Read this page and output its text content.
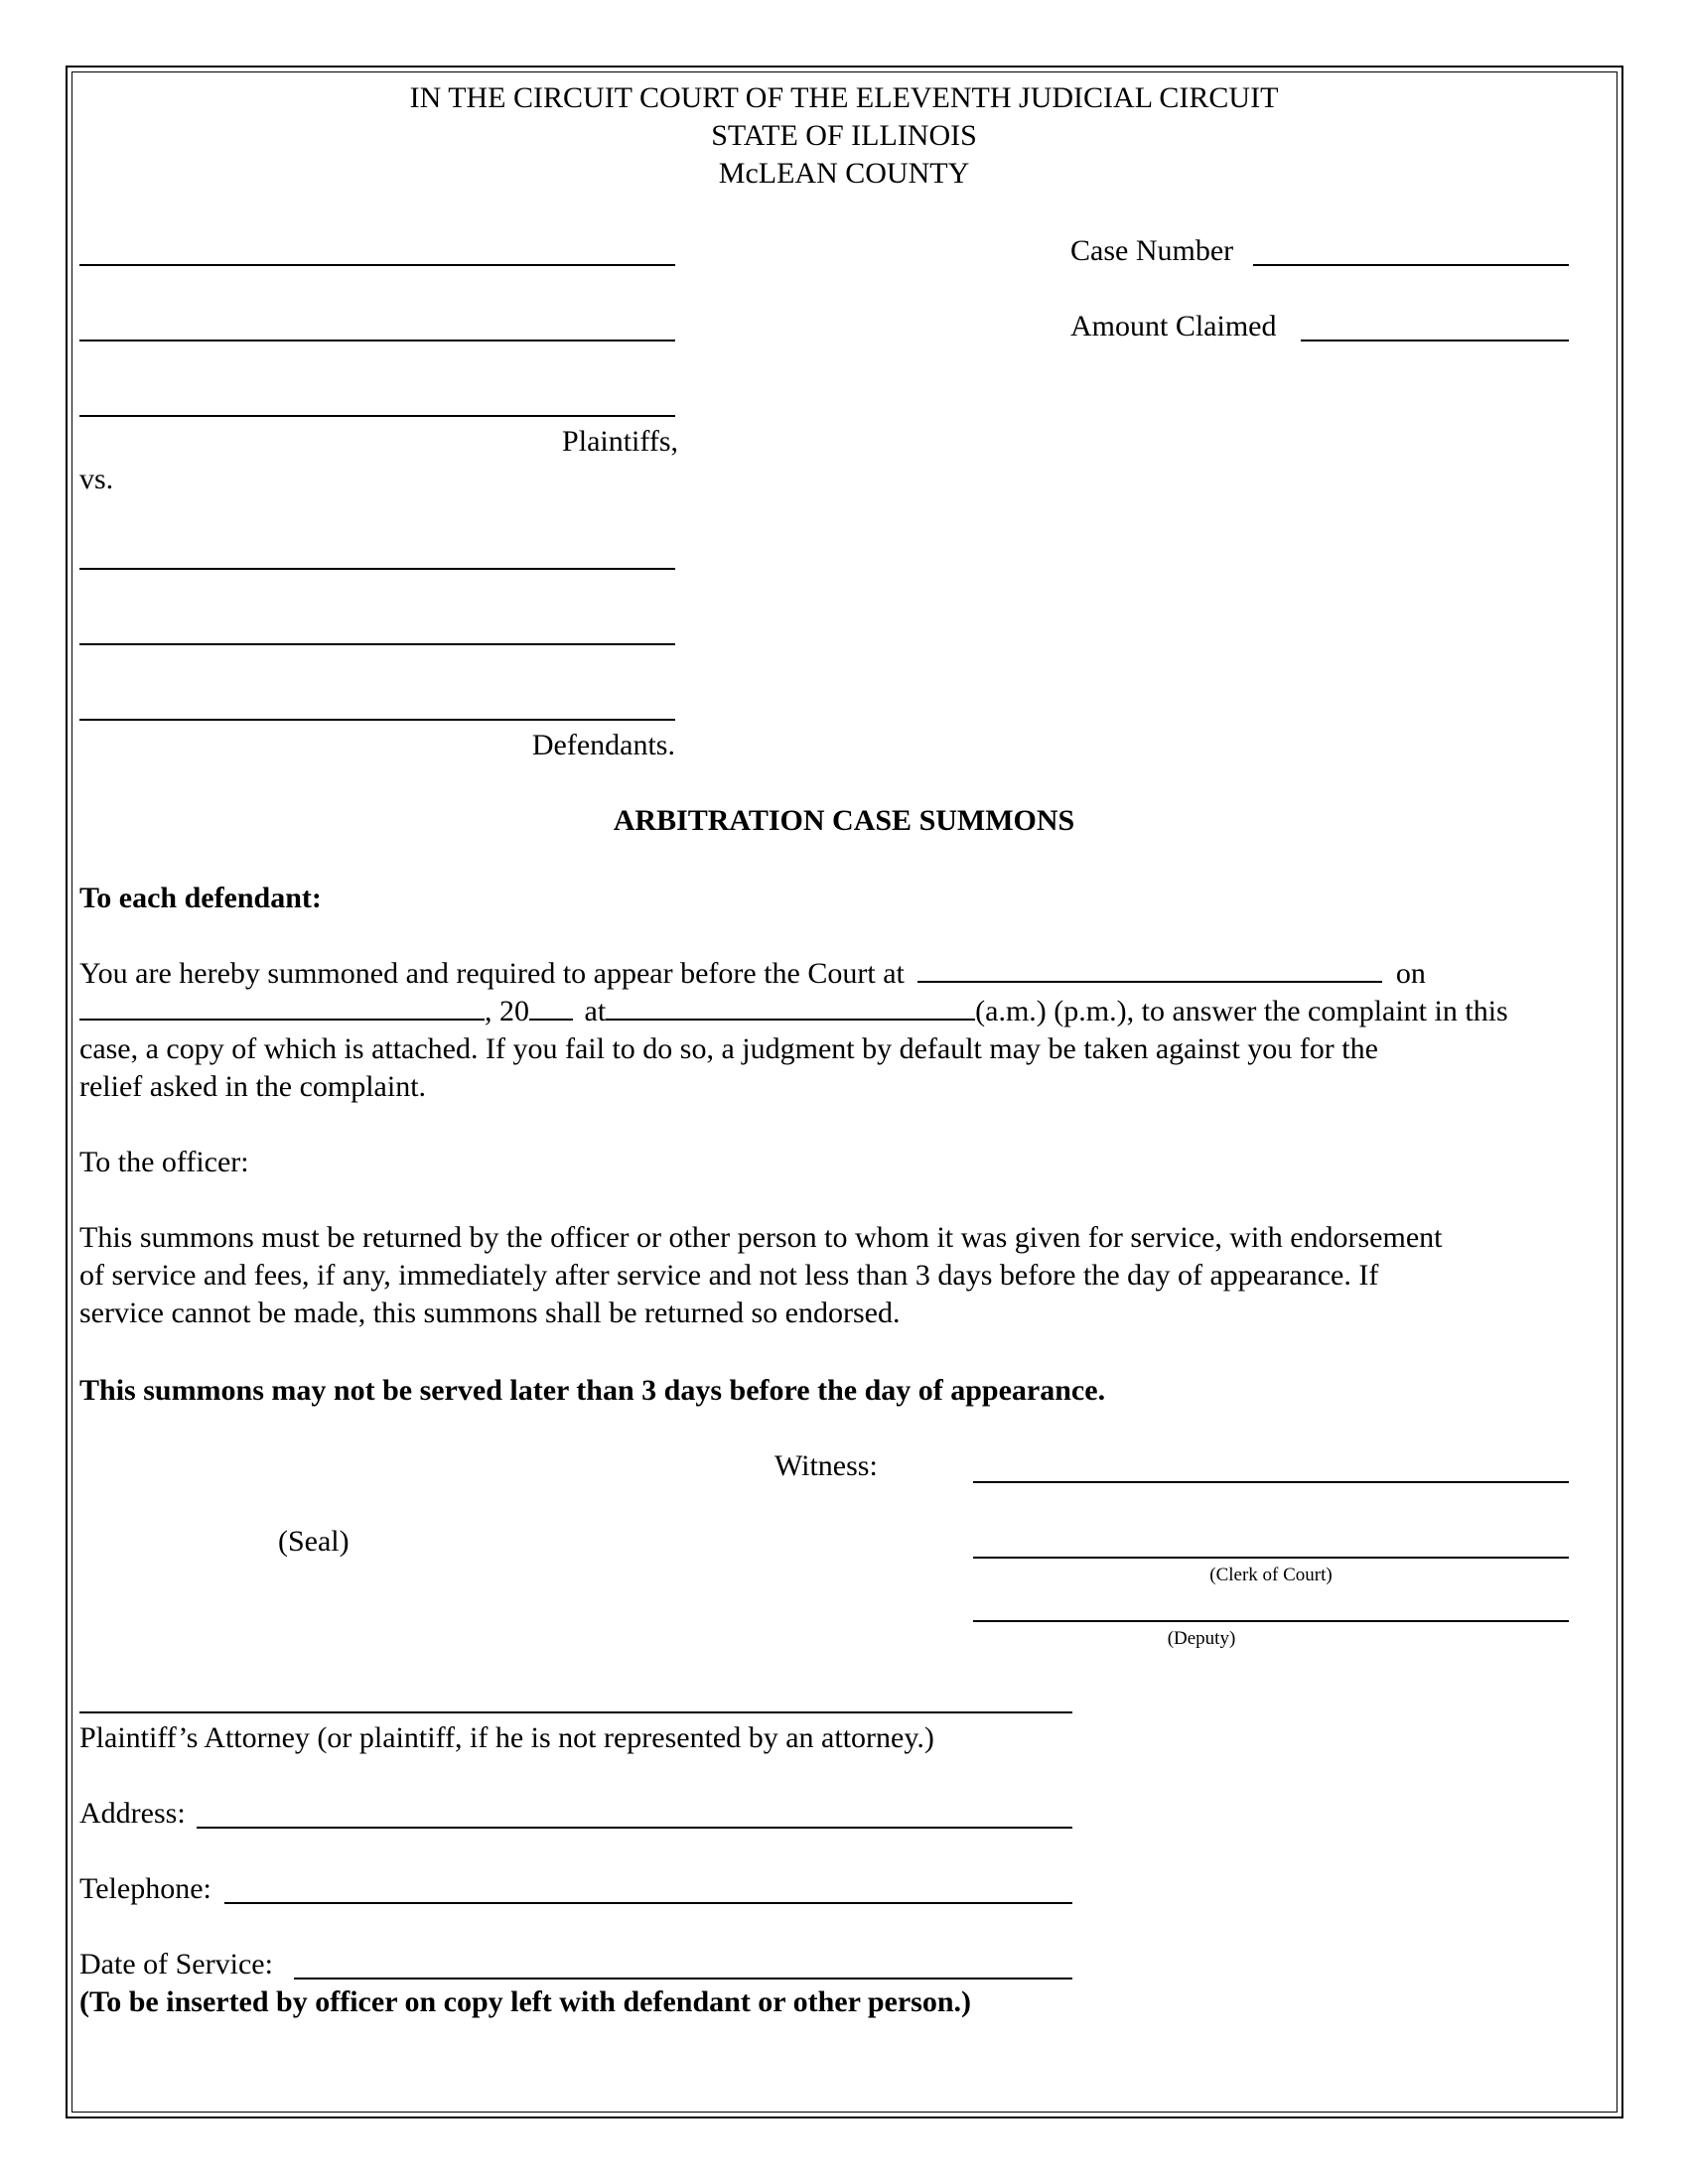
IN THE CIRCUIT COURT OF THE ELEVENTH JUDICIAL CIRCUIT
STATE OF ILLINOIS
McLEAN COUNTY
Case Number
Amount Claimed
Plaintiffs,
vs.
Defendants.
ARBITRATION CASE SUMMONS
To each defendant:
You are hereby summoned and required to appear before the Court at	on
, 20 at	(a.m.) (p.m.), to answer the complaint in this
case, a copy of which is attached. If you fail to do so, a judgment by default may be taken against you for the
relief asked in the complaint.
To the officer:
This summons must be returned by the officer or other person to whom it was given for service, with endorsement
of service and fees, if any, immediately after service and not less than 3 days before the day of appearance. If
service cannot be made, this summons shall be returned so endorsed.
This summons may not be served later than 3 days before the day of appearance.
Witness:
(Seal)
(Clerk of Court)
(Deputy)
Plaintiff’s Attorney (or plaintiff, if he is not represented by an attorney.)
Address:
Telephone:
Date of Service:
(To be inserted by officer on copy left with defendant or other person.)
